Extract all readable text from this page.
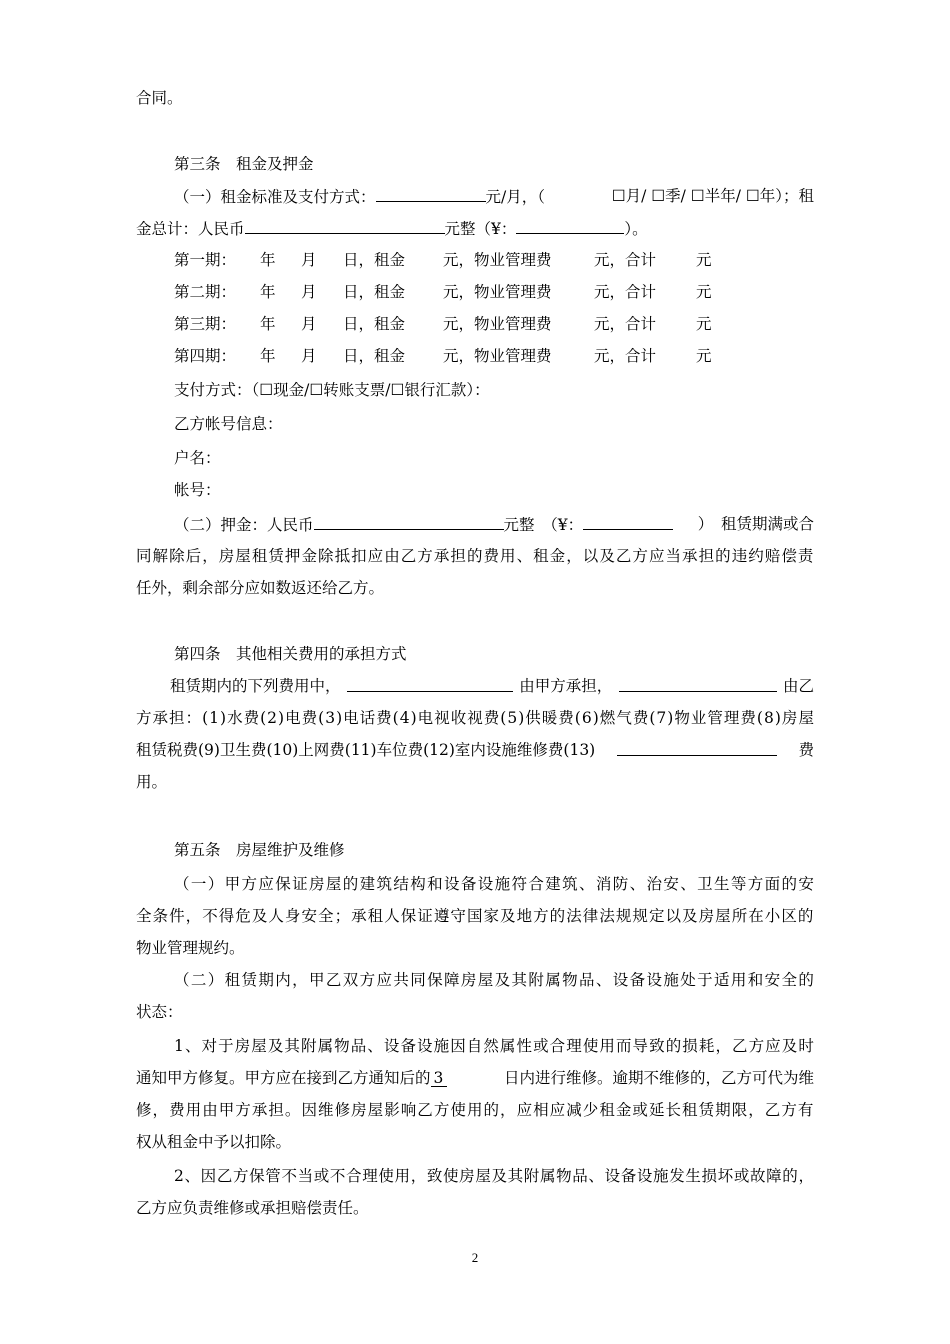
合同。
第三条　租金及押金
（一）租金标准及支付方式：	元/月，（	☐月/ ☐季/ ☐半年/ ☐年）；租
金总计：人民币	元整（¥：	）。
第一期： 年 月 日，租金 元，物业管理费	元，合计	元
第二期： 年 月 日，租金 元，物业管理费	元，合计	元
第三期： 年 月 日，租金 元，物业管理费	元，合计	元
第四期： 年 月 日，租金 元，物业管理费	元，合计	元
支付方式：（☐现金/☐转账支票/☐银行汇款）：
乙方帐号信息：
户名：
帐号：
（二）押金：人民币	元整　（¥：	）　租赁期满或合
同 解 除 后 ， 房 屋 租 赁 押 金 除 抵 扣 应 由 乙 方 承 担 的 费 用 、 租 金 ， 以 及 乙 方 应 当 承 担 的 违 约 赔 偿 责
任外，剩余部分应如数返还给乙方。
第四条　其他相关费用的承担方式
租赁期内的下列费用中，	由甲方承担，	由乙
方 承 担 ： ( 1 ) 水 费 ( 2 ) 电 费 ( 3 ) 电 话 费 ( 4 ) 电 视 收 视 费 ( 5 ) 供 暖 费 ( 6 ) 燃 气 费 ( 7 ) 物 业 管 理 费 ( 8 ) 房 屋
租赁税费(9)卫生费(10)上网费(11)车位费(12)室内设施维修费(13)	费
用。
第五条　房屋维护及维修
（ 一 ） 甲 方 应 保 证 房 屋 的 建 筑 结 构 和 设 备 设 施 符 合 建 筑 、 消 防 、 治 安 、 卫 生 等 方 面 的 安
全 条 件 ， 不 得 危 及 人 身 安 全 ； 承 租 人 保 证 遵 守 国 家 及 地 方 的 法 律 法 规 规 定 以 及 房 屋 所 在 小 区 的
物业管理规约。
（ 二 ） 租 赁 期 内 ， 甲 乙 双 方 应 共 同 保 障 房 屋 及 其 附 属 物 品 、 设 备 设 施 处 于 适 用 和 安 全 的
状态：
1 、 对 于 房 屋 及 其 附 属 物 品 、 设 备 设 施 因 自 然 属 性 或 合 理 使 用 而 导 致 的 损 耗 ， 乙 方 应 及 时
通知甲方修复。甲方应在接到乙方通知后的 3	日内进行维修。逾期不维修的，乙方可代为维
修 ， 费 用 由 甲 方 承 担 。 因 维 修 房 屋 影 响 乙 方 使 用 的 ， 应 相 应 减 少 租 金 或 延 长 租 赁 期 限 ， 乙 方 有
权从租金中予以扣除。
2 、 因 乙 方 保 管 不 当 或 不 合 理 使 用 ， 致 使 房 屋 及 其 附 属 物 品 、 设 备 设 施 发 生 损 坏 或 故 障 的 ，
乙方应负责维修或承担赔偿责任。
2
